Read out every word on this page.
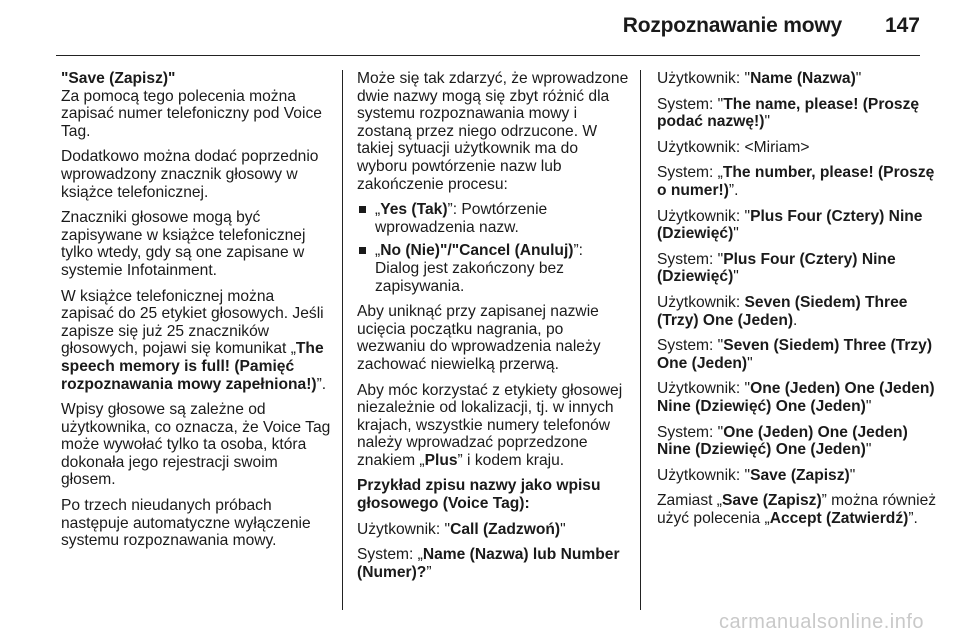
Rozpoznawanie mowy 147

"Save (Zapisz)"
Za pomocą tego polecenia można zapisać numer telefoniczny pod Voice Tag.

Dodatkowo można dodać poprzednio wprowadzony znacznik głosowy w książce telefonicznej.

Znaczniki głosowe mogą być zapisywane w książce telefonicznej tylko wtedy, gdy są one zapisane w systemie Infotainment.

W książce telefonicznej można zapisać do 25 etykiet głosowych. Jeśli zapisze się już 25 znaczników głosowych, pojawi się komunikat „The speech memory is full! (Pamięć rozpoznawania mowy zapełniona!)”.

Wpisy głosowe są zależne od użytkownika, co oznacza, że Voice Tag może wywołać tylko ta osoba, która dokonała jego rejestracji swoim głosem.

Po trzech nieudanych próbach następuje automatyczne wyłączenie systemu rozpoznawania mowy.

Może się tak zdarzyć, że wprowadzone dwie nazwy mogą się zbyt różnić dla systemu rozpoznawania mowy i zostaną przez niego odrzucone. W takiej sytuacji użytkownik ma do wyboru powtórzenie nazw lub zakończenie procesu:

„Yes (Tak)”: Powtórzenie wprowadzenia nazw.
„No (Nie)"/"Cancel (Anuluj)”: Dialog jest zakończony bez zapisywania.

Aby uniknąć przy zapisanej nazwie ucięcia początku nagrania, po wezwaniu do wprowadzenia należy zachować niewielką przerwą.

Aby móc korzystać z etykiety głosowej niezależnie od lokalizacji, tj. w innych krajach, wszystkie numery telefonów należy wprowadzać poprzedzone znakiem „Plus” i kodem kraju.

Przykład zpisu nazwy jako wpisu głosowego (Voice Tag):

Użytkownik: "Call (Zadzwoń)"

System: „Name (Nazwa) lub Number (Numer)?”

Użytkownik: "Name (Nazwa)"

System: "The name, please! (Proszę podać nazwę!)"

Użytkownik: <Miriam>

System: „The number, please! (Proszę o numer!)”.

Użytkownik: "Plus Four (Cztery) Nine (Dziewięć)"

System: "Plus Four (Cztery) Nine (Dziewięć)"

Użytkownik: Seven (Siedem) Three (Trzy) One (Jeden).

System: "Seven (Siedem) Three (Trzy) One (Jeden)"

Użytkownik: "One (Jeden) One (Jeden) Nine (Dziewięć) One (Jeden)"

System: "One (Jeden) One (Jeden) Nine (Dziewięć) One (Jeden)"

Użytkownik: "Save (Zapisz)"

Zamiast „Save (Zapisz)” można również użyć polecenia „Accept (Zatwierdź)”.

carmanualsonline.info
